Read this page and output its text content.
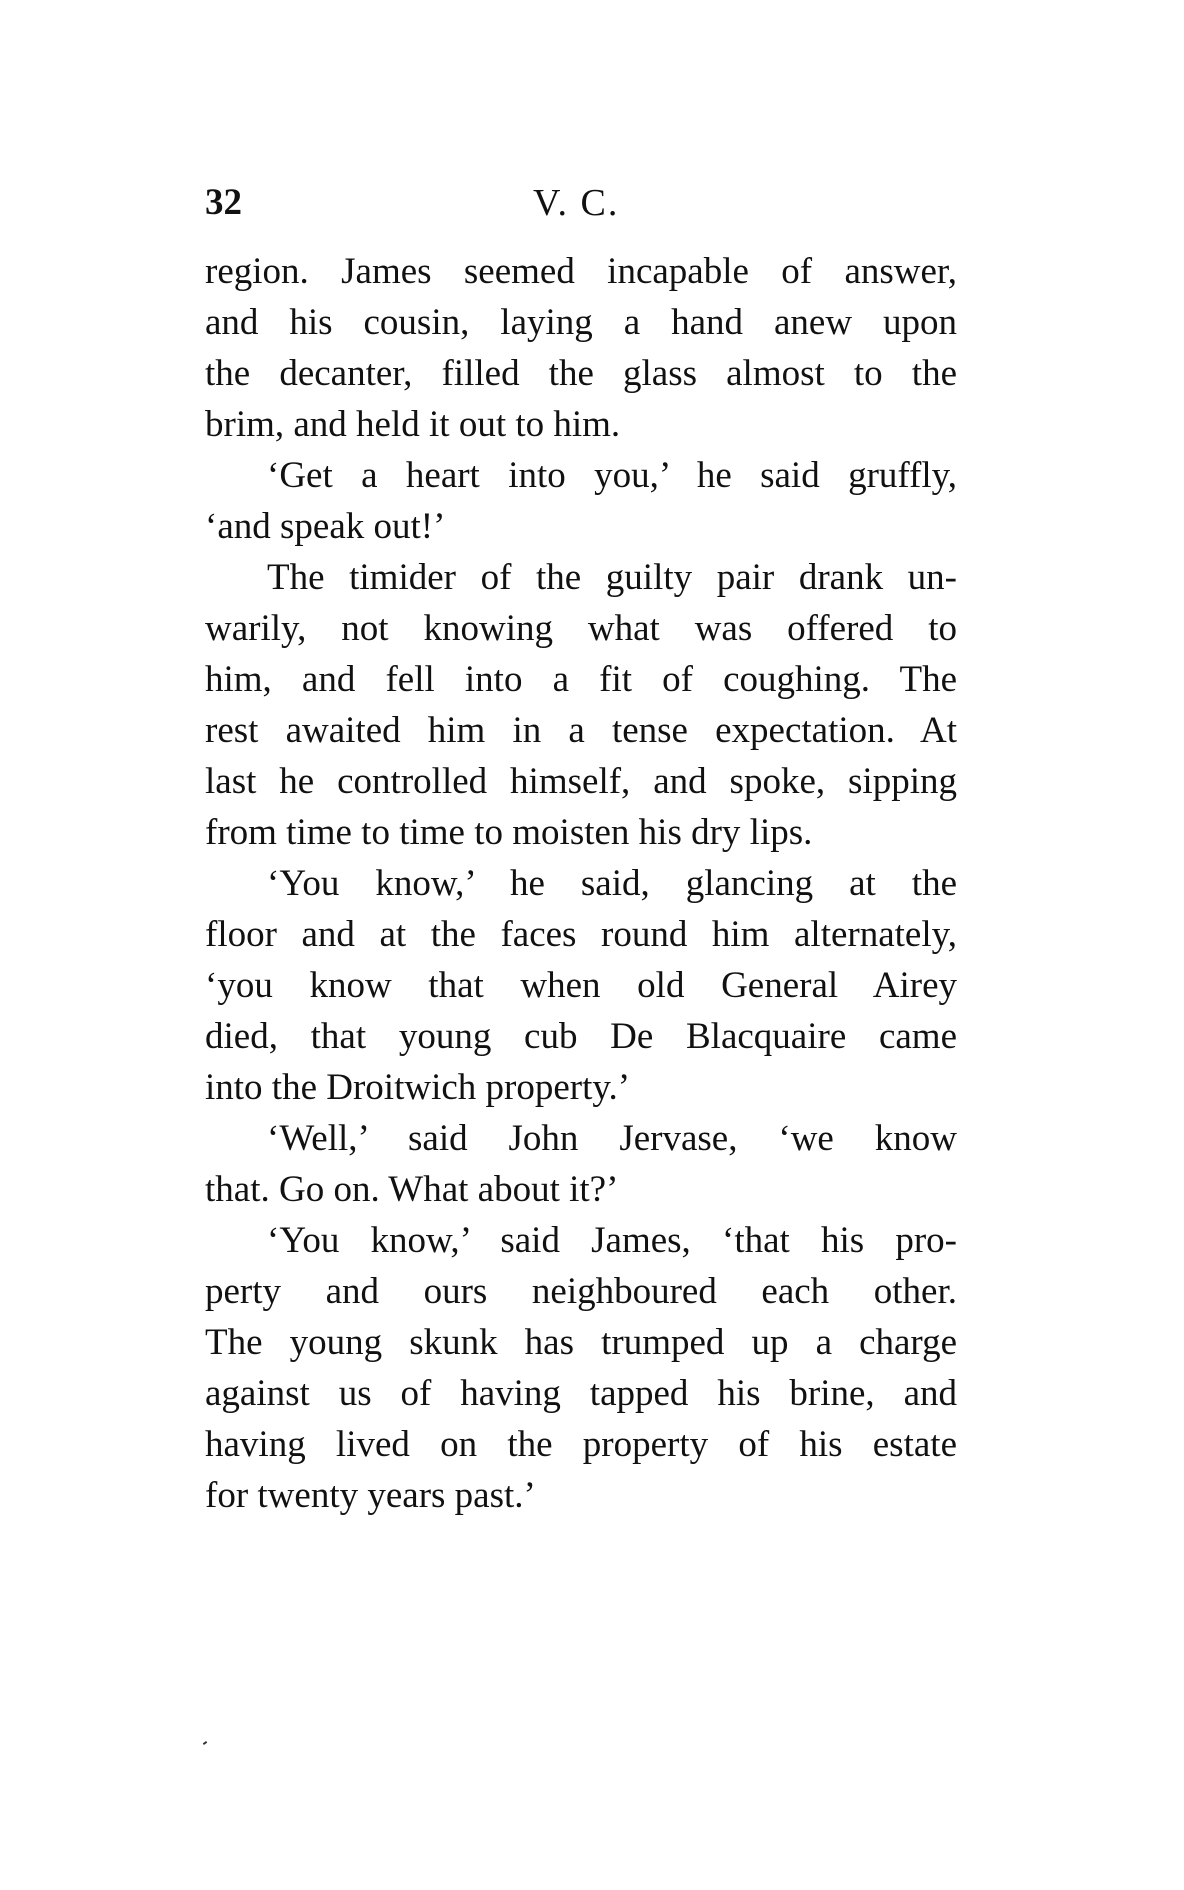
32	V. C.
region. James seemed incapable of answer,
and his cousin, laying a hand anew upon
the decanter, filled the glass almost to the
brim, and held it out to him.
‘Get a heart into you,’ he said gruffly,
‘and speak out!’
The timider of the guilty pair drank un-
warily, not knowing what was offered to
him, and fell into a fit of coughing. The
rest awaited him in a tense expectation. At
last he controlled himself, and spoke, sipping
from time to time to moisten his dry lips.
‘You know,’ he said, glancing at the
floor and at the faces round him alternately,
‘you know that when old General Airey
died, that young cub De Blacquaire came
into the Droitwich property.’
‘Well,’ said John Jervase, ‘we know
that. Go on. What about it?’
‘You know,’ said James, ‘that his pro-
perty and ours neighboured each other.
The young skunk has trumped up a charge
against us of having tapped his brine, and
having lived on the property of his estate
for twenty years past.’
